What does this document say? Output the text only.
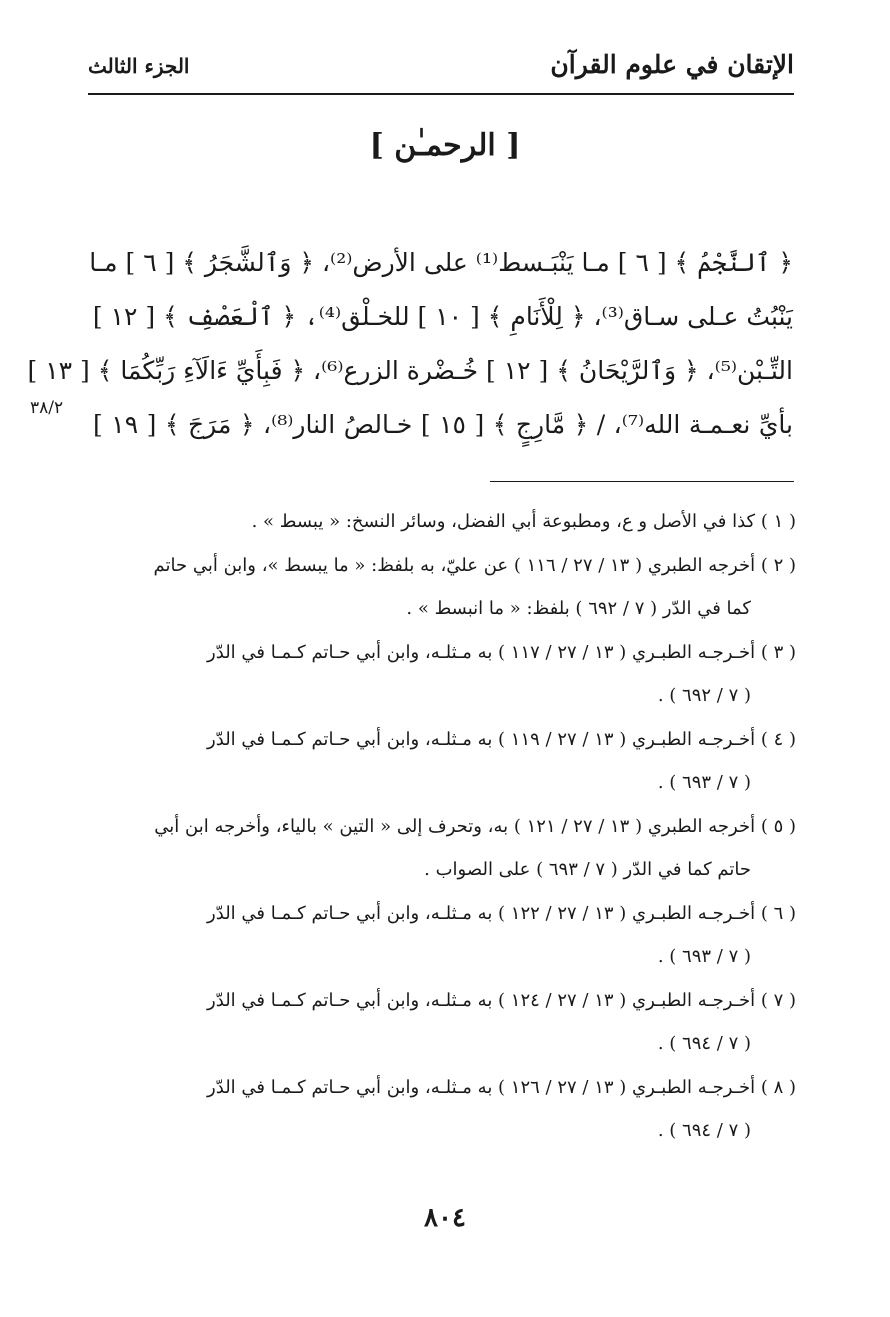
الإتقان في علوم القرآن
الجزء الثالث
[ الرحمـٰن ]
﴿ ٱلنَّجْمُ ﴾ [ ٦ ] مـا يَنْبَـسط⁽¹⁾ على الأرض⁽²⁾، ﴿ وَٱلشَّجَرُ ﴾ [ ٦ ] مـا
يَنْبُتُ عـلى سـاق⁽³⁾، ﴿ لِلْأَنَامِ ﴾ [ ١٠ ] للخـلْق⁽⁴⁾، ﴿ ٱلْعَصْفِ ﴾ [ ١٢ ]
التِّـبْن⁽⁵⁾، ﴿ وَٱلرَّيْحَانُ ﴾ [ ١٢ ] خُـضْرة الزرع⁽⁶⁾، ﴿ فَبِأَيِّ ءَالَآءِ رَبِّكُمَا ﴾ [ ١٣ ]
بأيِّ نعـمـة الله⁽⁷⁾، / ﴿ مَّارِجٍ ﴾ [ ١٥ ] خـالصُ النار⁽⁸⁾، ﴿ مَرَجَ ﴾ [ ١٩ ]
٣٨/٢
( ١ ) كذا في الأصل و ع، ومطبوعة أبي الفضل، وسائر النسخ: « يبسط » .
( ٢ ) أخرجه الطبري ( ١٣ / ٢٧ / ١١٦ ) عن عليّ، به بلفظ: « ما يبسط »، وابن أبي حاتم
كما في الدّر ( ٧ / ٦٩٢ ) بلفظ: « ما انبسط » .
( ٣ ) أخـرجـه الطبـري ( ١٣ / ٢٧ / ١١٧ ) به مـثلـه، وابن أبي حـاتم كـمـا في الدّر
( ٧ / ٦٩٢ ) .
( ٤ ) أخـرجـه الطبـري ( ١٣ / ٢٧ / ١١٩ ) به مـثلـه، وابن أبي حـاتم كـمـا في الدّر
( ٧ / ٦٩٣ ) .
( ٥ ) أخرجه الطبري ( ١٣ / ٢٧ / ١٢١ ) به، وتحرف إلى « التين » بالياء، وأخرجه ابن أبي
حاتم كما في الدّر ( ٧ / ٦٩٣ ) على الصواب .
( ٦ ) أخـرجـه الطبـري ( ١٣ / ٢٧ / ١٢٢ ) به مـثلـه، وابن أبي حـاتم كـمـا في الدّر
( ٧ / ٦٩٣ ) .
( ٧ ) أخـرجـه الطبـري ( ١٣ / ٢٧ / ١٢٤ ) به مـثلـه، وابن أبي حـاتم كـمـا في الدّر
( ٧ / ٦٩٤ ) .
( ٨ ) أخـرجـه الطبـري ( ١٣ / ٢٧ / ١٢٦ ) به مـثلـه، وابن أبي حـاتم كـمـا في الدّر
( ٧ / ٦٩٤ ) .
٨٠٤
